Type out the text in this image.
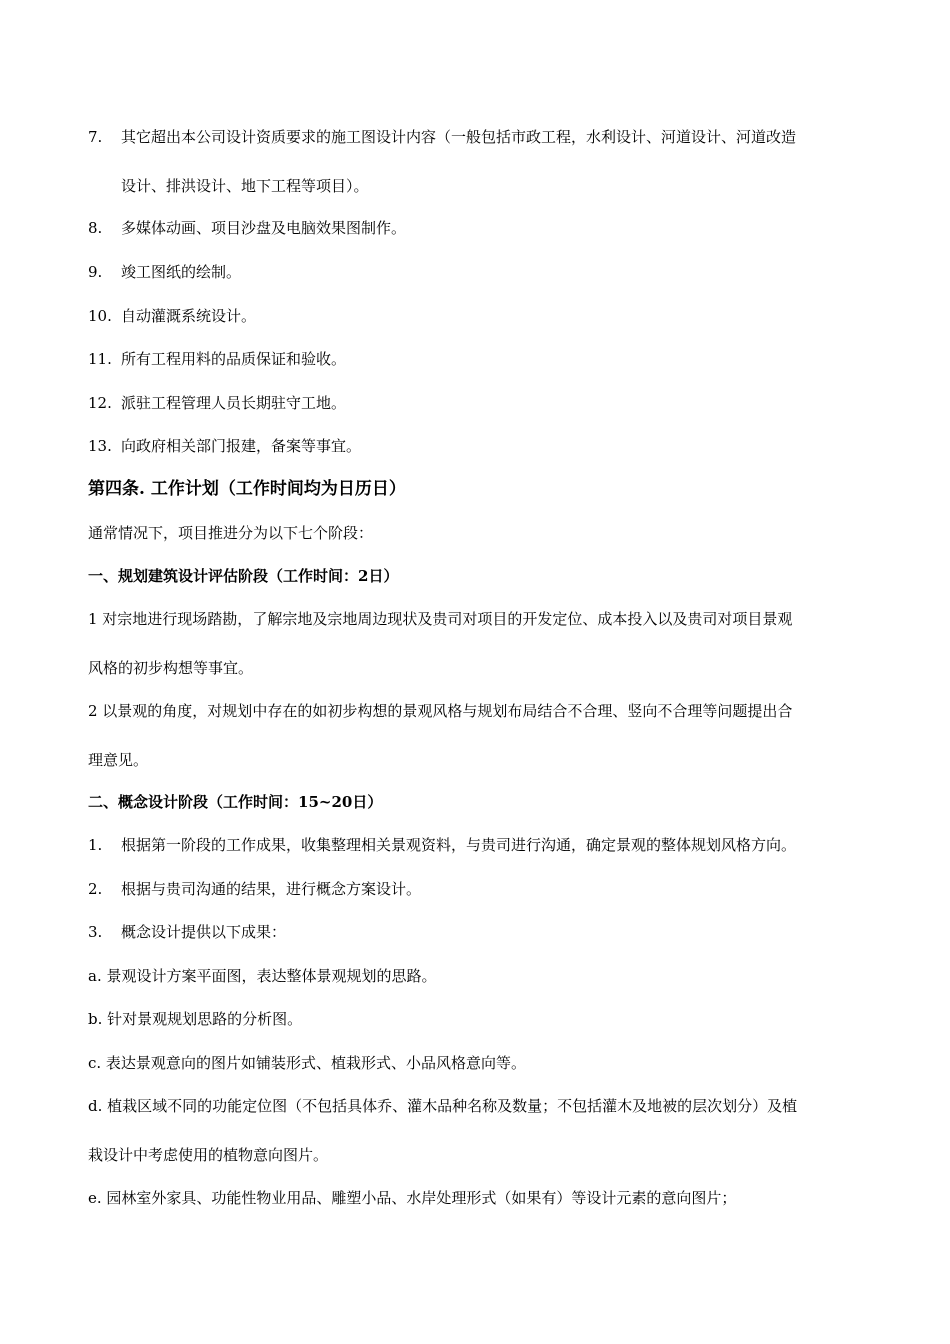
7. 其它超出本公司设计资质要求的施工图设计内容（一般包括市政工程，水利设计、河道设计、河道改造
设计、排洪设计、地下工程等项目）。
8. 多媒体动画、项目沙盘及电脑效果图制作。
9. 竣工图纸的绘制。
10. 自动灌溉系统设计。
11. 所有工程用料的品质保证和验收。
12. 派驻工程管理人员长期驻守工地。
13. 向政府相关部门报建，备案等事宜。
第四条. 工作计划（工作时间均为日历日）
通常情况下，项目推进分为以下七个阶段：
一、规划建筑设计评估阶段（工作时间：2日）
1 对宗地进行现场踏勘，了解宗地及宗地周边现状及贵司对项目的开发定位、成本投入以及贵司对项目景观
风格的初步构想等事宜。
2 以景观的角度，对规划中存在的如初步构想的景观风格与规划布局结合不合理、竖向不合理等问题提出合
理意见。
二、概念设计阶段（工作时间：15~20日）
1. 根据第一阶段的工作成果，收集整理相关景观资料，与贵司进行沟通，确定景观的整体规划风格方向。
2. 根据与贵司沟通的结果，进行概念方案设计。
3. 概念设计提供以下成果：
a. 景观设计方案平面图，表达整体景观规划的思路。
b. 针对景观规划思路的分析图。
c. 表达景观意向的图片如铺装形式、植栽形式、小品风格意向等。
d. 植栽区域不同的功能定位图（不包括具体乔、灌木品种名称及数量；不包括灌木及地被的层次划分）及植
栽设计中考虑使用的植物意向图片。
e. 园林室外家具、功能性物业用品、雕塑小品、水岸处理形式（如果有）等设计元素的意向图片；
